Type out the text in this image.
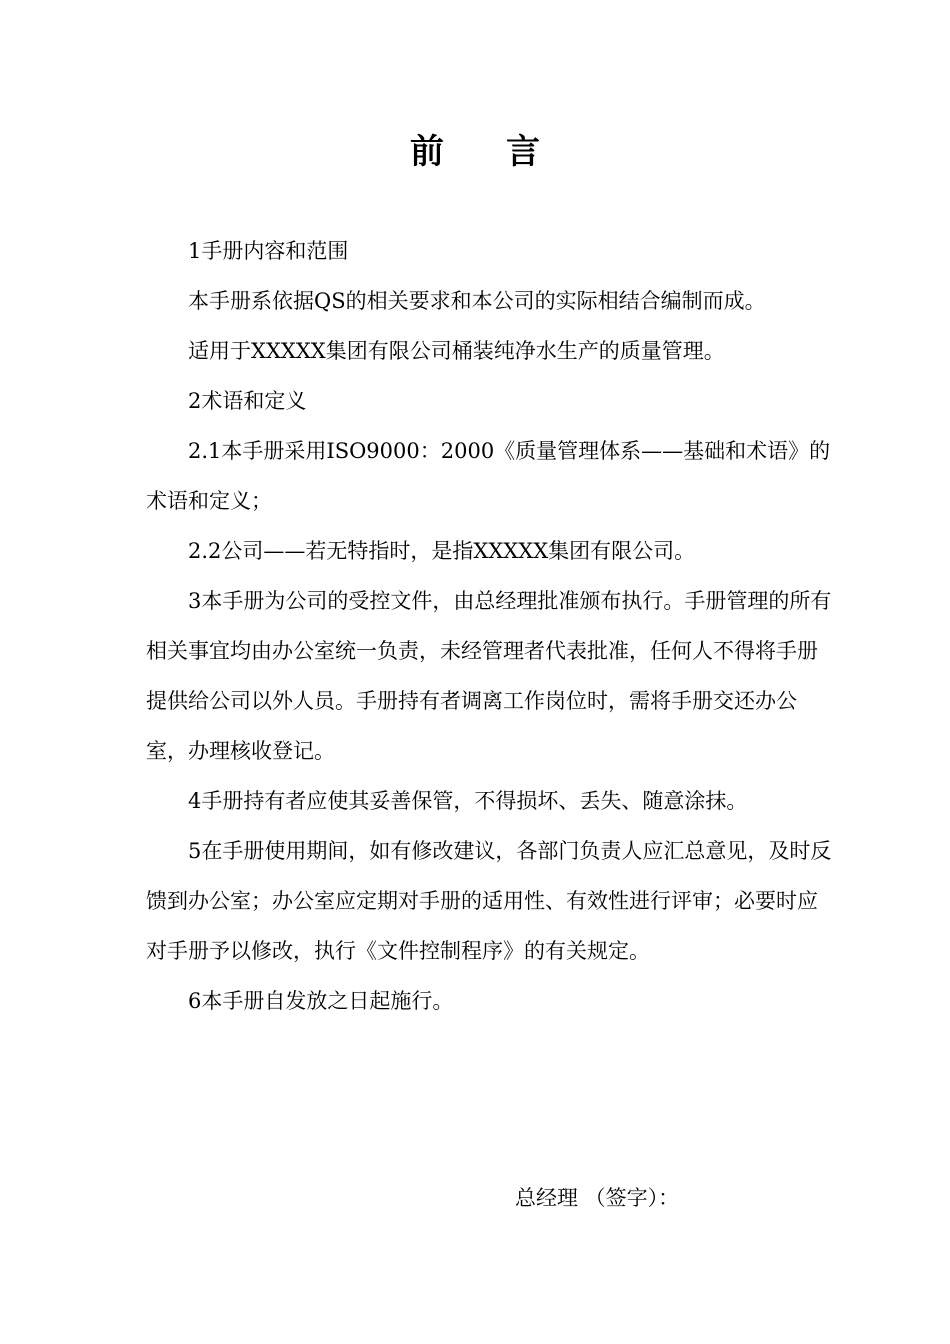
前言

1手册内容和范围

本手册系依据QS的相关要求和本公司的实际相结合编制而成。

适用于XXXXX集团有限公司桶装纯净水生产的质量管理。

2术语和定义

2.1本手册采用ISO9000：2000《质量管理体系——基础和术语》的术语和定义；

2.2公司——若无特指时，是指XXXXX集团有限公司。

3本手册为公司的受控文件，由总经理批准颁布执行。手册管理的所有相关事宜均由办公室统一负责，未经管理者代表批准，任何人不得将手册提供给公司以外人员。手册持有者调离工作岗位时，需将手册交还办公室，办理核收登记。

4手册持有者应使其妥善保管，不得损坏、丢失、随意涂抹。

5在手册使用期间，如有修改建议，各部门负责人应汇总意见，及时反馈到办公室；办公室应定期对手册的适用性、有效性进行评审；必要时应对手册予以修改，执行《文件控制程序》的有关规定。

6本手册自发放之日起施行。

总经理 （签字）：
